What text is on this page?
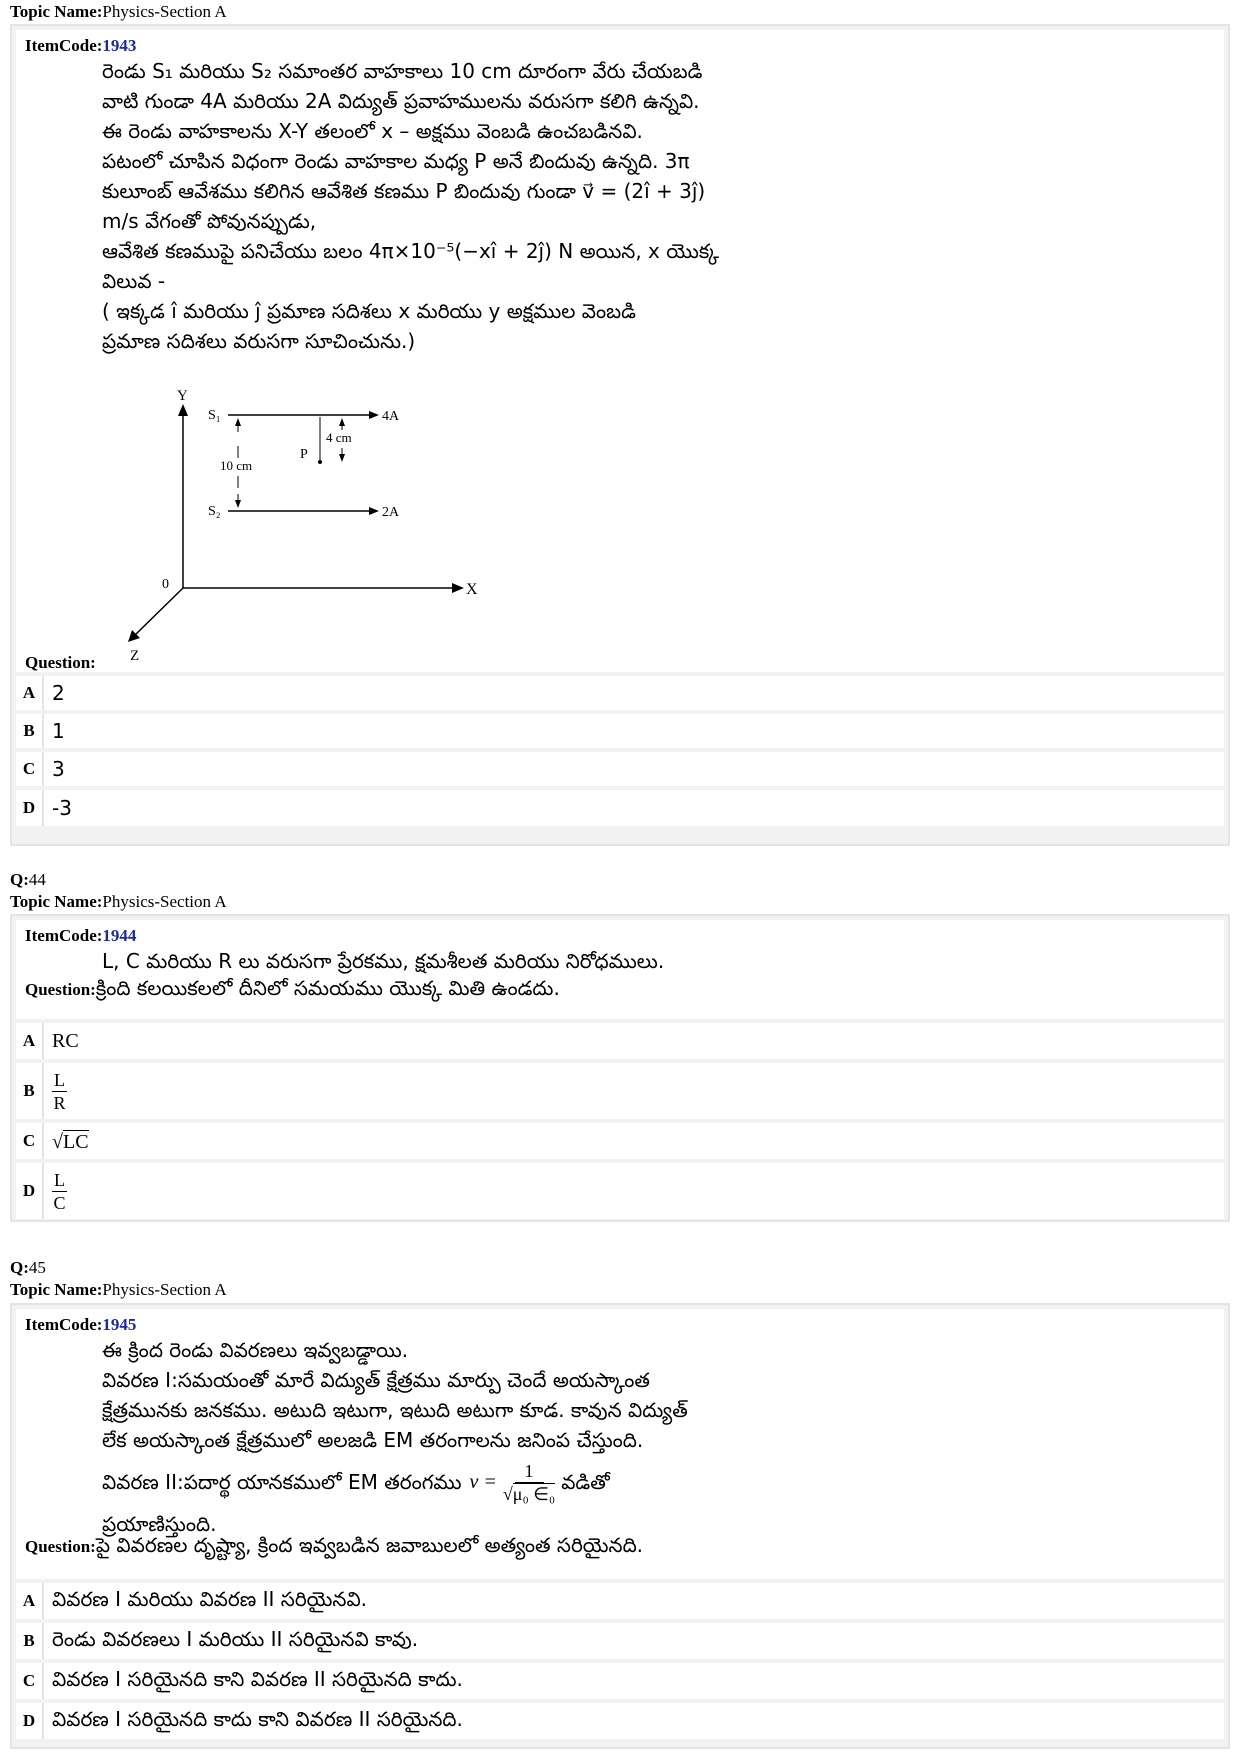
Topic Name:Physics-Section A
ItemCode:1943
రెండు S₁ మరియు S₂ సమాంతర వాహకాలు 10 cm దూరంగా వేరు చేయబడి
వాటి గుండా 4A మరియు 2A విద్యుత్ ప్రవాహములను వరుసగా కలిగి ఉన్నవి.
ఈ రెండు వాహకాలను X-Y తలంలో x – అక్షము వెంబడి ఉంచబడినవి.
పటంలో చూపిన విధంగా రెండు వాహకాల మధ్య P అనే బిందువు ఉన్నది. 3π
కులూంబ్ ఆవేశము కలిగిన ఆవేశిత కణము P బిందువు గుండా v⃗ = (2î + 3ĵ)
m/s వేగంతో పోవునప్పుడు,
ఆవేశిత కణముపై పనిచేయు బలం 4π×10⁻⁵(−xî + 2ĵ) N అయిన, x యొక్క
విలువ -
( ఇక్కడ î మరియు ĵ ప్రమాణ సదిశలు x మరియు y అక్షముల వెంబడి
ప్రమాణ సదిశలు వరుసగా సూచించును.)
Y
X
Z
0
S₁	4A
S₂	2A
10 cm
P
4 cm
Question:
A 2
B 1
C 3
D -3
Q:44
Topic Name:Physics-Section A
ItemCode:1944
L, C మరియు R లు వరుసగా ప్రేరకము, క్షమశీలత మరియు నిరోధములు.
Question:క్రింది కలయికలలో దీనిలో సమయము యొక్క మితి ఉండదు.
A RC
B $\frac{L}{R}$
C √LC
D $\frac{L}{C}$
Q:45
Topic Name:Physics-Section A
ItemCode:1945
ఈ క్రింద రెండు వివరణలు ఇవ్వబడ్డాయి.
వివరణ I:సమయంతో మారే విద్యుత్ క్షేత్రము మార్పు చెందే అయస్కాంత
క్షేత్రమునకు జనకము. అటుది ఇటుగా, ఇటుది అటుగా కూడ. కావున విద్యుత్
లేక అయస్కాంత క్షేత్రములో అలజడి EM తరంగాలను జనింప చేస్తుంది.
వివరణ II:పదార్థ యానకములో EM తరంగము $v = \frac{1}{\text{√μ₀ ∈₀}}$ వడితో
ప్రయాణిస్తుంది.
Question:పై వివరణల దృష్ట్యా, క్రింద ఇవ్వబడిన జవాబులలో అత్యంత సరియైనది.
A వివరణ I మరియు వివరణ II సరియైనవి.
B రెండు వివరణలు I మరియు II సరియైనవి కావు.
C వివరణ I సరియైనది కాని వివరణ II సరియైనది కాదు.
D వివరణ I సరియైనది కాదు కాని వివరణ II సరియైనది.
